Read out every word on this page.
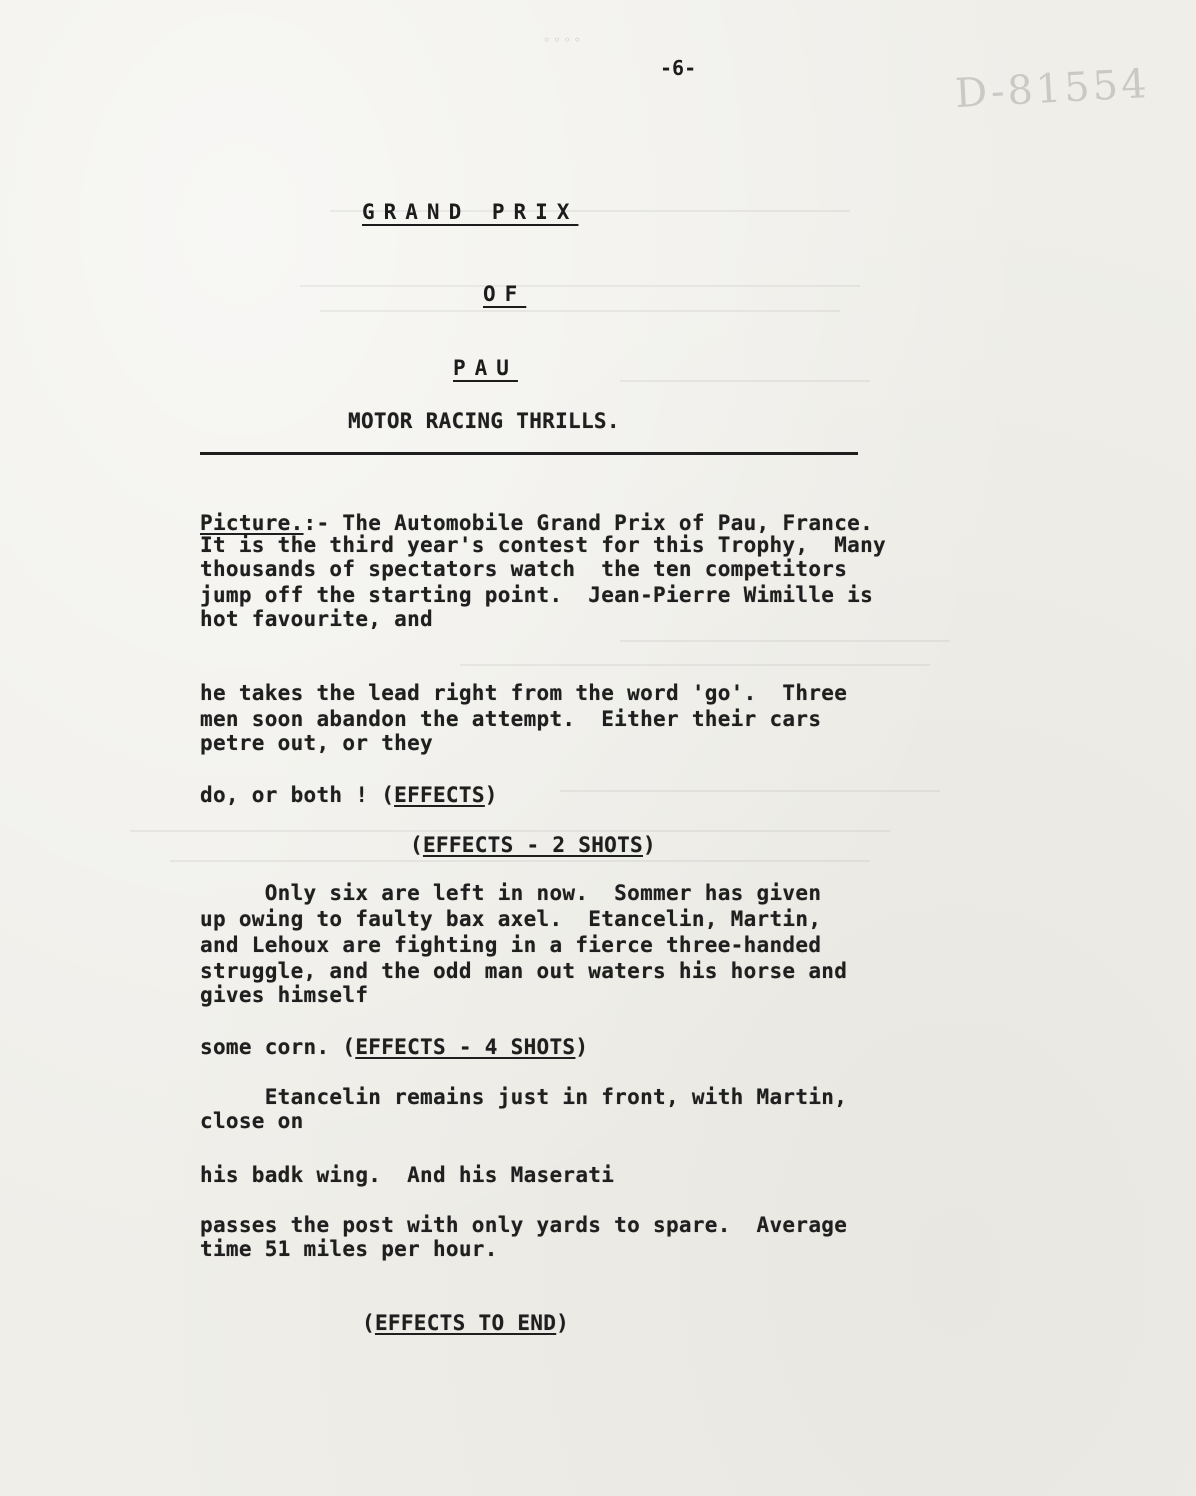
◦◦◦◦
-6-	D-81554
GRAND PRIX
OF
PAU
MOTOR RACING THRILLS.
Picture.:- The Automobile Grand Prix of Pau, France.
It is the third year's contest for this Trophy,  Many
thousands of spectators watch  the ten competitors
jump off the starting point.  Jean-Pierre Wimille is
hot favourite, and
he takes the lead right from the word 'go'.  Three
men soon abandon the attempt.  Either their cars
petre out, or they
do, or both ! (EFFECTS)
(EFFECTS - 2 SHOTS)
Only six are left in now.  Sommer has given
up owing to faulty bax axel.  Etancelin, Martin,
and Lehoux are fighting in a fierce three-handed
struggle, and the odd man out waters his horse and
gives himself
some corn. (EFFECTS - 4 SHOTS)
Etancelin remains just in front, with Martin,
close on
his badk wing.  And his Maserati
passes the post with only yards to spare.  Average
time 51 miles per hour.
(EFFECTS TO END)
